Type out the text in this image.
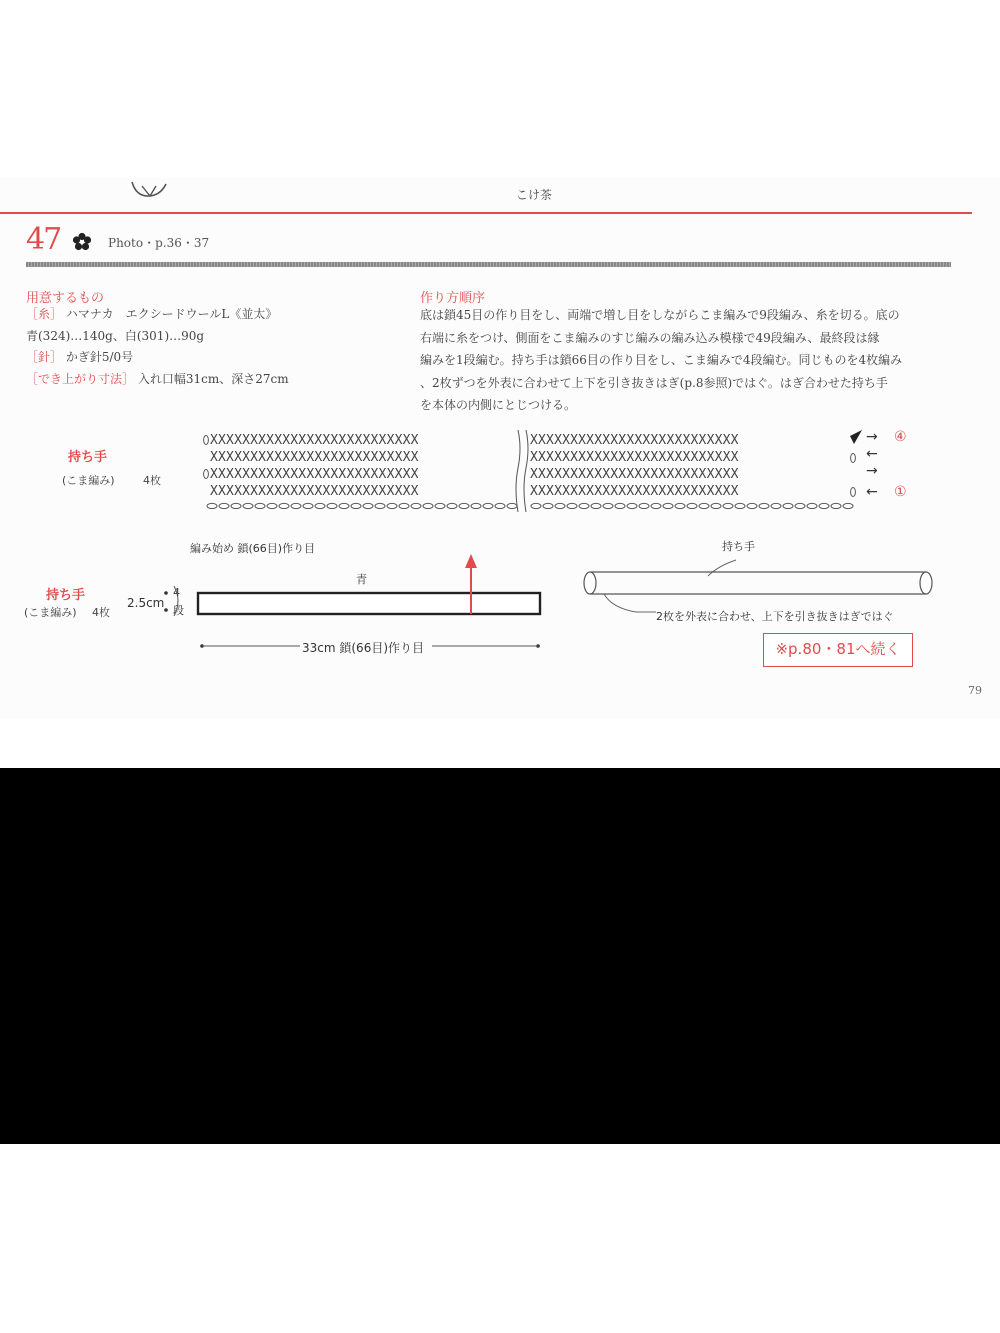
こけ茶
47	Photo・p.36・37
用意するもの
［糸］ ハマナカ　エクシードウールL《並太》
青(324)…140g、白(301)…90g
［針］ かぎ針5/0号
［でき上がり寸法］ 入れ口幅31cm、深さ27cm
作り方順序
底は鎖45目の作り目をし、両端で増し目をしながらこま編みで9段編み、糸を切る。底の
右端に糸をつけ、側面をこま編みのすじ編みの編み込み模様で49段編み、最終段は縁
編みを1段編む。持ち手は鎖66目の作り目をし、こま編みで4段編む。同じものを4枚編み
、2枚ずつを外表に合わせて上下を引き抜きはぎ(p.8参照)ではぐ。はぎ合わせた持ち手
を本体の内側にとじつける。
持ち手
(こま編み)	4枚
XXXXXXXXXXXXXXXXXXXXXXXXXX
XXXXXXXXXXXXXXXXXXXXXXXXXX
XXXXXXXXXXXXXXXXXXXXXXXXXX
XXXXXXXXXXXXXXXXXXXXXXXXXX
XXXXXXXXXXXXXXXXXXXXXXXXXX
XXXXXXXXXXXXXXXXXXXXXXXXXX
XXXXXXXXXXXXXXXXXXXXXXXXXX
XXXXXXXXXXXXXXXXXXXXXXXXXX
→ ④
←
→
← ①
編み始め 鎖(66目)作り目
持ち手
(こま編み) 4枚
2.5cm
4
段
青
33cm 鎖(66目)作り目
持ち手
2枚を外表に合わせ、上下を引き抜きはぎではぐ
※p.80・81へ続く
79
